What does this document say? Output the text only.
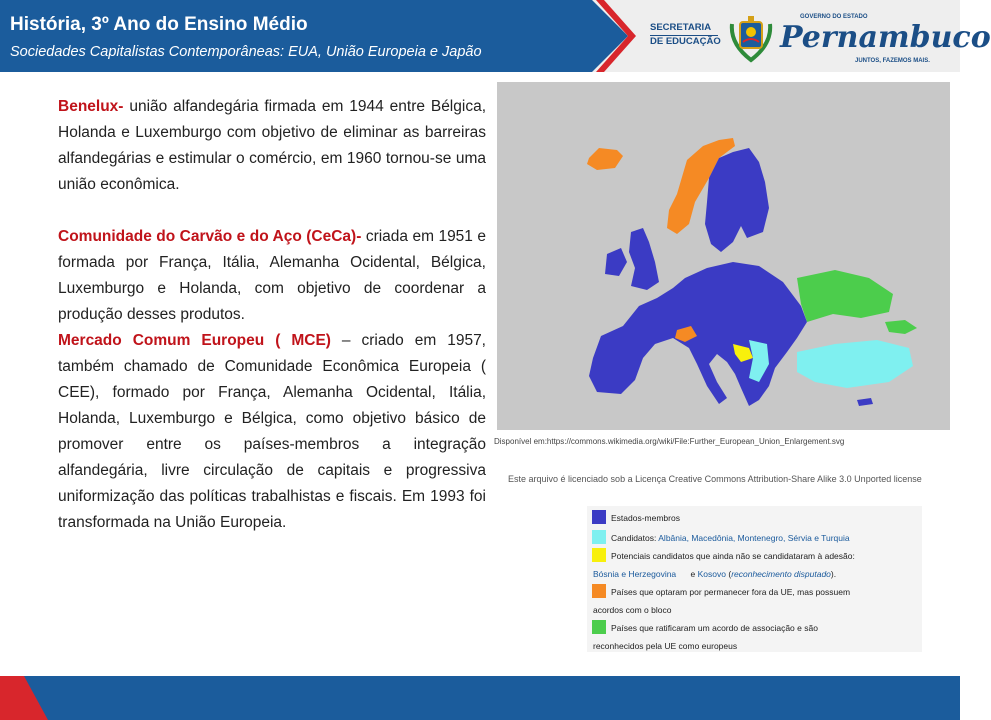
História, 3º Ano do Ensino Médio
Sociedades Capitalistas Contemporâneas: EUA, União Europeia e Japão
SECRETARIA
DE EDUCAÇÃO
GOVERNO DO ESTADO
Pernambuco
JUNTOS, FAZEMOS MAIS.

Benelux- união alfandegária firmada em 1944 entre Bélgica, Holanda e Luxemburgo com objetivo de eliminar as barreiras alfandegárias e estimular o comércio, em 1960 tornou-se uma união econômica.

Comunidade do Carvão e do Aço (CeCa)- criada em 1951 e formada por França, Itália, Alemanha Ocidental, Bélgica, Luxemburgo e Holanda, com objetivo de coordenar a produção desses produtos.

Mercado Comum Europeu ( MCE) – criado em 1957, também chamado de Comunidade Econômica Europeia ( CEE), formado por França, Alemanha Ocidental, Itália, Holanda, Luxemburgo e Bélgica, como objetivo básico de promover entre os países-membros a integração alfandegária, livre circulação de capitais e progressiva uniformização das políticas trabalhistas e fiscais. Em 1993 foi transformada na União Europeia.

Disponível em:https://commons.wikimedia.org/wiki/File:Further_European_Union_Enlargement.svg
Este arquivo é licenciado sob a Licença Creative Commons Attribution-Share Alike 3.0 Unported license
Estados-membros
Candidatos: Albânia, Macedônia, Montenegro, Sérvia e Turquia
Potenciais candidatos que ainda não se candidataram à adesão:
Bósnia e Herzegovina e Kosovo (reconhecimento disputado).
Países que optaram por permanecer fora da UE, mas possuem
acordos com o bloco
Países que ratificaram um acordo de associação e são
reconhecidos pela UE como europeus
